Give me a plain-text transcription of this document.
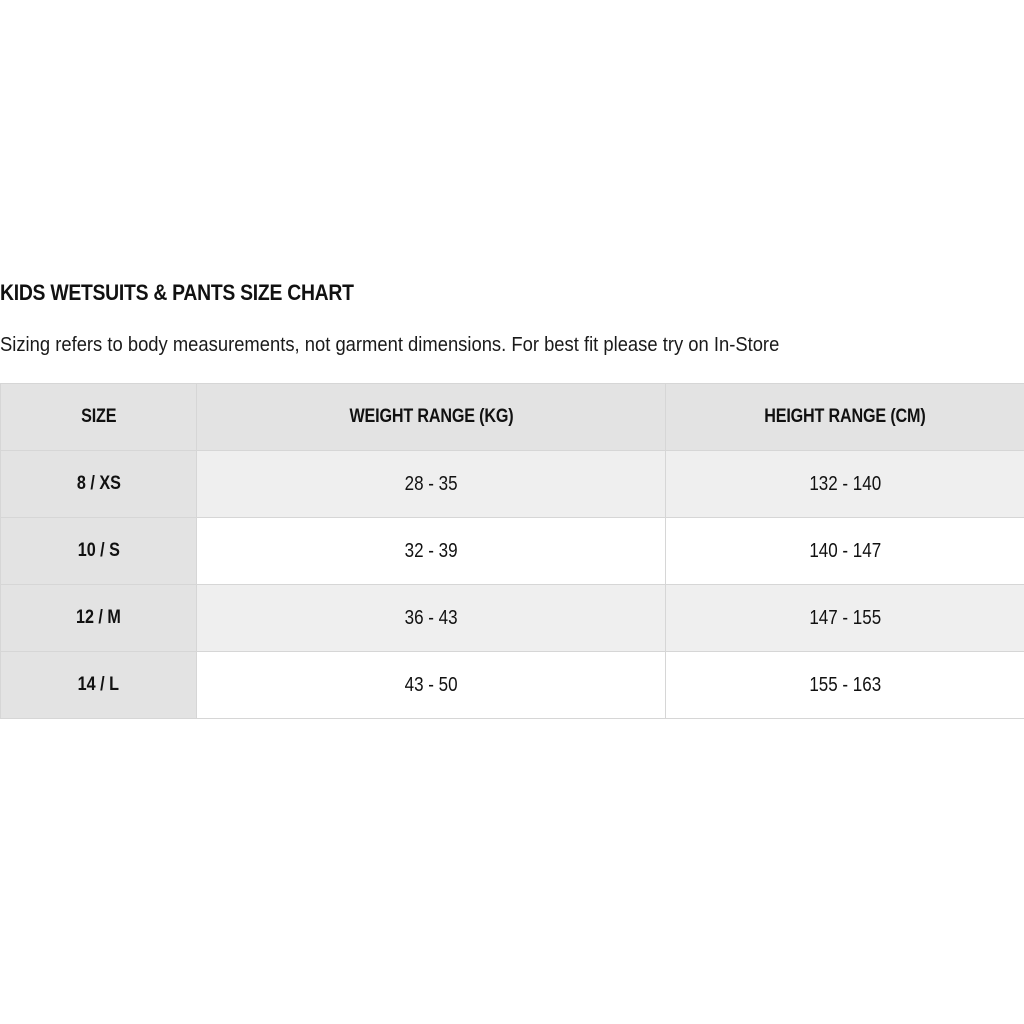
KIDS WETSUITS & PANTS SIZE CHART

Sizing refers to body measurements, not garment dimensions. For best fit please try on In-Store

SIZE	WEIGHT RANGE (KG)	HEIGHT RANGE (CM)
8 / XS	28 - 35	132 - 140
10 / S	32 - 39	140 - 147
12 / M	36 - 43	147 - 155
14 / L	43 - 50	155 - 163
